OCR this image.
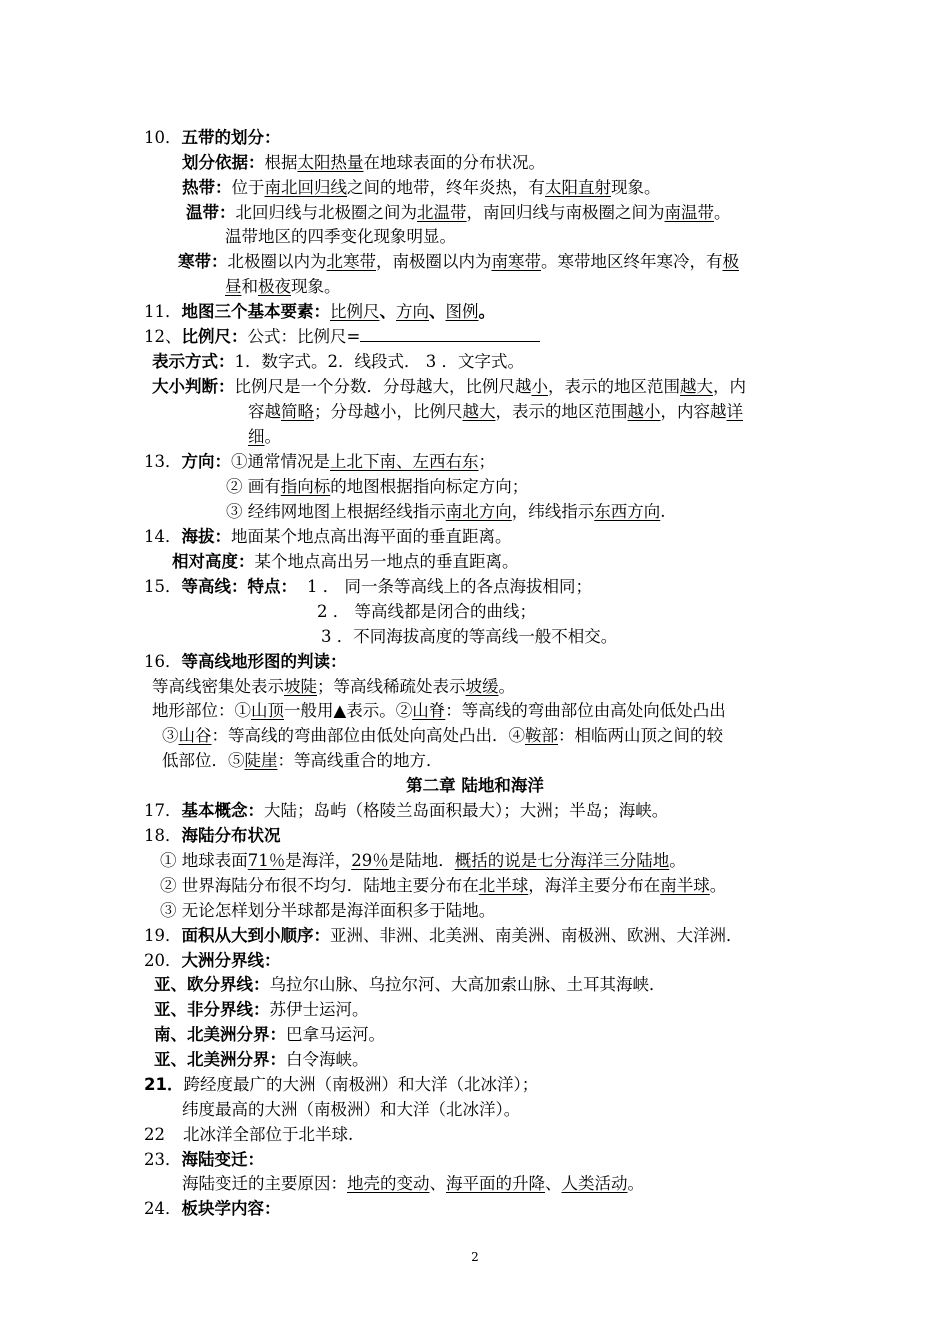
10．五带的划分：
划分依据：根据太阳热量在地球表面的分布状况。
热带：位于南北回归线之间的地带，终年炎热，有太阳直射现象。
温带：北回归线与北极圈之间为北温带，南回归线与南极圈之间为南温带。
温带地区的四季变化现象明显。
寒带：北极圈以内为北寒带，南极圈以内为南寒带。寒带地区终年寒冷，有极
昼和极夜现象。
11．地图三个基本要素：比例尺、方向、图例。
12、比例尺：公式：比例尺=
表示方式：1．数字式。2．线段式． 3 ．文字式。
大小判断：比例尺是一个分数．分母越大，比例尺越小，表示的地区范围越大，内
容越简略；分母越小，比例尺越大，表示的地区范围越小，内容越详
细。
13．方向：①通常情况是上北下南、左西右东；
② 画有指向标的地图根据指向标定方向；
③ 经纬网地图上根据经线指示南北方向，纬线指示东西方向.
14．海拔：地面某个地点高出海平面的垂直距离。
相对高度：某个地点高出另一地点的垂直距离。
15．等高线：特点： 1 ． 同一条等高线上的各点海拔相同；
2 ． 等高线都是闭合的曲线；
3 ．不同海拔高度的等高线一般不相交。
16．等高线地形图的判读：
等高线密集处表示坡陡；等高线稀疏处表示坡缓。
地形部位：①山顶一般用▲表示。②山脊：等高线的弯曲部位由高处向低处凸出
③山谷：等高线的弯曲部位由低处向高处凸出．④鞍部：相临两山顶之间的较
低部位．⑤陡崖：等高线重合的地方．
第二章 陆地和海洋
17．基本概念：大陆；岛屿（格陵兰岛面积最大）；大洲；半岛；海峡。
18．海陆分布状况
① 地球表面71％是海洋，29％是陆地．概括的说是七分海洋三分陆地。
② 世界海陆分布很不均匀．陆地主要分布在北半球，海洋主要分布在南半球。
③ 无论怎样划分半球都是海洋面积多于陆地。
19．面积从大到小顺序：亚洲、非洲、北美洲、南美洲、南极洲、欧洲、大洋洲．
20．大洲分界线：
亚、欧分界线：乌拉尔山脉、乌拉尔河、大高加索山脉、土耳其海峡．
亚、非分界线：苏伊士运河。
南、北美洲分界：巴拿马运河。
亚、北美洲分界：白令海峡。
21．跨经度最广的大洲（南极洲）和大洋（北冰洋）；
纬度最高的大洲（南极洲）和大洋（北冰洋）。
22 北冰洋全部位于北半球.
23．海陆变迁：
海陆变迁的主要原因：地壳的变动、海平面的升降、人类活动。
24．板块学内容：
2
